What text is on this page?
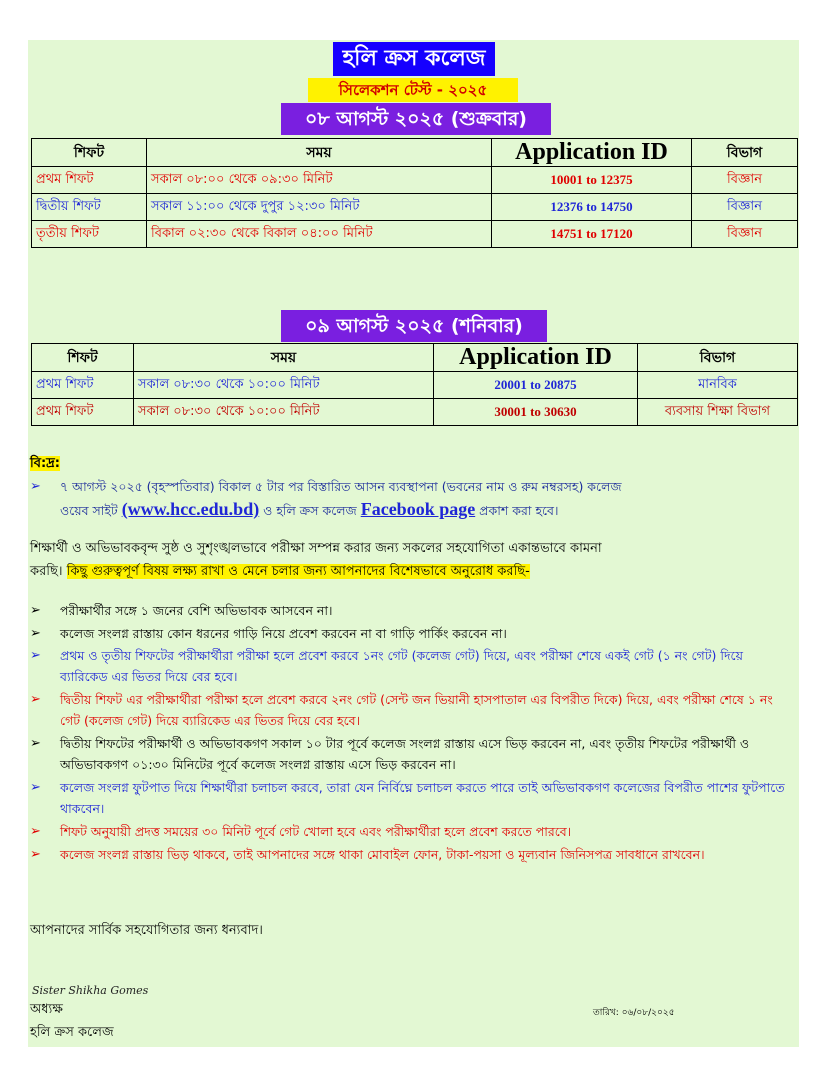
হলি ক্রস কলেজ
সিলেকশন টেস্ট - ২০২৫
০৮ আগস্ট ২০২৫ (শুক্রবার)
শিফট	সময়	Application ID	বিভাগ
প্রথম শিফট	সকাল ০৮:০০ থেকে ০৯:৩০ মিনিট	10001 to 12375	বিজ্ঞান
দ্বিতীয় শিফট	সকাল ১১:০০ থেকে দুপুর ১২:৩০ মিনিট	12376 to 14750	বিজ্ঞান
তৃতীয় শিফট	বিকাল ০২:৩০ থেকে বিকাল ০৪:০০ মিনিট	14751 to 17120	বিজ্ঞান
০৯ আগস্ট ২০২৫ (শনিবার)
শিফট	সময়	Application ID	বিভাগ
প্রথম শিফট	সকাল ০৮:৩০ থেকে ১০:০০ মিনিট	20001 to 20875	মানবিক
প্রথম শিফট	সকাল ০৮:৩০ থেকে ১০:০০ মিনিট	30001 to 30630	ব্যবসায় শিক্ষা বিভাগ
বি:দ্র:
➢ ৭ আগস্ট ২০২৫ (বৃহস্পতিবার) বিকাল ৫ টার পর বিস্তারিত আসন ব্যবস্থাপনা (ভবনের নাম ও রুম নম্বরসহ) কলেজ
ওয়েব সাইট (www.hcc.edu.bd) ও হলি ক্রস কলেজ Facebook page প্রকাশ করা হবে।
শিক্ষার্থী ও অভিভাবকবৃন্দ সুষ্ঠ ও সুশৃংঙ্খলভাবে পরীক্ষা সম্পন্ন করার জন্য সকলের সহযোগিতা একান্তভাবে কামনা
করছি। কিছু গুরুত্বপূর্ণ বিষয় লক্ষ্য রাখা ও মেনে চলার জন্য আপনাদের বিশেষভাবে অনুরোধ করছি-
➢ পরীক্ষার্থীর সঙ্গে ১ জনের বেশি অভিভাবক আসবেন না।
➢ কলেজ সংলগ্ন রাস্তায় কোন ধরনের গাড়ি নিয়ে প্রবেশ করবেন না বা গাড়ি পার্কিং করবেন না।
➢ প্রথম ও তৃতীয় শিফটের পরীক্ষার্থীরা পরীক্ষা হলে প্রবেশ করবে ১নং গেট (কলেজ গেট) দিয়ে, এবং পরীক্ষা শেষে একই গেট (১ নং গেট) দিয়ে ব্যারিকেড এর ভিতর দিয়ে বের হবে।
➢ দ্বিতীয় শিফট এর পরীক্ষার্থীরা পরীক্ষা হলে প্রবেশ করবে ২নং গেট (সেন্ট জন ভিয়ানী হাসপাতাল এর বিপরীত দিকে) দিয়ে, এবং পরীক্ষা শেষে ১ নং গেট (কলেজ গেট) দিয়ে ব্যারিকেড এর ভিতর দিয়ে বের হবে।
➢ দ্বিতীয় শিফটের পরীক্ষার্থী ও অভিভাবকগণ সকাল ১০ টার পূর্বে কলেজ সংলগ্ন রাস্তায় এসে ভিড় করবেন না, এবং তৃতীয় শিফটের পরীক্ষার্থী ও অভিভাবকগণ ০১:৩০ মিনিটের পূর্বে কলেজ সংলগ্ন রাস্তায় এসে ভিড় করবেন না।
➢ কলেজ সংলগ্ন ফুটপাত দিয়ে শিক্ষার্থীরা চলাচল করবে, তারা যেন নির্বিঘ্নে চলাচল করতে পারে তাই অভিভাবকগণ কলেজের বিপরীত পাশের ফুটপাতে থাকবেন।
➢ শিফট অনুযায়ী প্রদত্ত সময়ের ৩০ মিনিট পূর্বে গেট খোলা হবে এবং পরীক্ষার্থীরা হলে প্রবেশ করতে পারবে।
➢ কলেজ সংলগ্ন রাস্তায় ভিড় থাকবে, তাই আপনাদের সঙ্গে থাকা মোবাইল ফোন, টাকা-পয়সা ও মূল্যবান জিনিসপত্র সাবধানে রাখবেন।
আপনাদের সার্বিক সহযোগিতার জন্য ধন্যবাদ।
Sister Shikha Gomes
অধ্যক্ষ
হলি ক্রস কলেজ
তারিখ: ০৬/০৮/২০২৫
